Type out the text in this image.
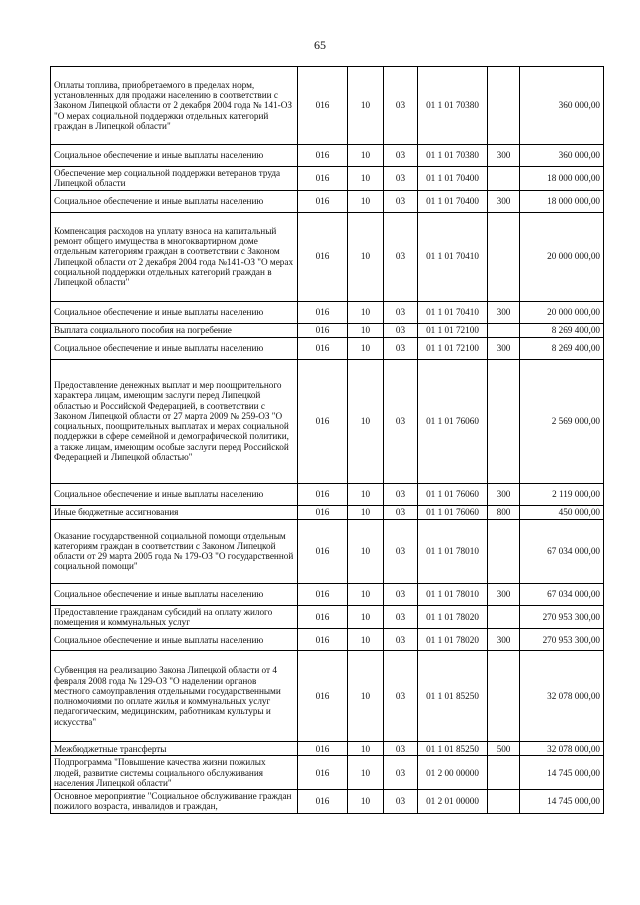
65
Оплаты топлива, приобретаемого в пределах норм, установленных для продажи населению в соответствии с Законом Липецкой области от 2 декабря 2004 года № 141-ОЗ "О мерах социальной поддержки отдельных категорий граждан в Липецкой области"	016	10	03	01 1 01 70380		360 000,00
Социальное обеспечение и иные выплаты населению	016	10	03	01 1 01 70380	300	360 000,00
Обеспечение мер социальной поддержки ветеранов труда Липецкой области	016	10	03	01 1 01 70400		18 000 000,00
Социальное обеспечение и иные выплаты населению	016	10	03	01 1 01 70400	300	18 000 000,00
Компенсация расходов на уплату взноса на капитальный ремонт общего имущества в многоквартирном доме отдельным категориям граждан в соответствии с Законом Липецкой области от 2 декабря 2004 года №141-ОЗ "О мерах социальной поддержки отдельных категорий граждан в Липецкой области"	016	10	03	01 1 01 70410		20 000 000,00
Социальное обеспечение и иные выплаты населению	016	10	03	01 1 01 70410	300	20 000 000,00
Выплата социального пособия на погребение	016	10	03	01 1 01 72100		8 269 400,00
Социальное обеспечение и иные выплаты населению	016	10	03	01 1 01 72100	300	8 269 400,00
Предоставление денежных выплат и мер поощрительного характера лицам, имеющим заслуги перед Липецкой областью и Российской Федерацией, в соответствии с Законом Липецкой области от 27 марта 2009 № 259-ОЗ "О социальных, поощрительных выплатах и мерах социальной поддержки в сфере семейной и демографической политики, а также лицам, имеющим особые заслуги перед Российской Федерацией и Липецкой областью"	016	10	03	01 1 01 76060		2 569 000,00
Социальное обеспечение и иные выплаты населению	016	10	03	01 1 01 76060	300	2 119 000,00
Иные бюджетные ассигнования	016	10	03	01 1 01 76060	800	450 000,00
Оказание государственной социальной помощи отдельным категориям граждан в соответствии с Законом Липецкой области от 29 марта 2005 года № 179-ОЗ "О государственной социальной помощи"	016	10	03	01 1 01 78010		67 034 000,00
Социальное обеспечение и иные выплаты населению	016	10	03	01 1 01 78010	300	67 034 000,00
Предоставление гражданам субсидий на оплату жилого помещения и коммунальных услуг	016	10	03	01 1 01 78020		270 953 300,00
Социальное обеспечение и иные выплаты населению	016	10	03	01 1 01 78020	300	270 953 300,00
Субвенция на реализацию Закона Липецкой области от 4 февраля 2008 года № 129-ОЗ "О наделении органов местного самоуправления отдельными государственными полномочиями по оплате жилья и коммунальных услуг педагогическим, медицинским, работникам культуры и искусства"	016	10	03	01 1 01 85250		32 078 000,00
Межбюджетные трансферты	016	10	03	01 1 01 85250	500	32 078 000,00
Подпрограмма "Повышение качества жизни пожилых людей, развитие системы социального обслуживания населения Липецкой области"	016	10	03	01 2 00 00000		14 745 000,00
Основное мероприятие "Социальное обслуживание граждан пожилого возраста, инвалидов и граждан,	016	10	03	01 2 01 00000		14 745 000,00
